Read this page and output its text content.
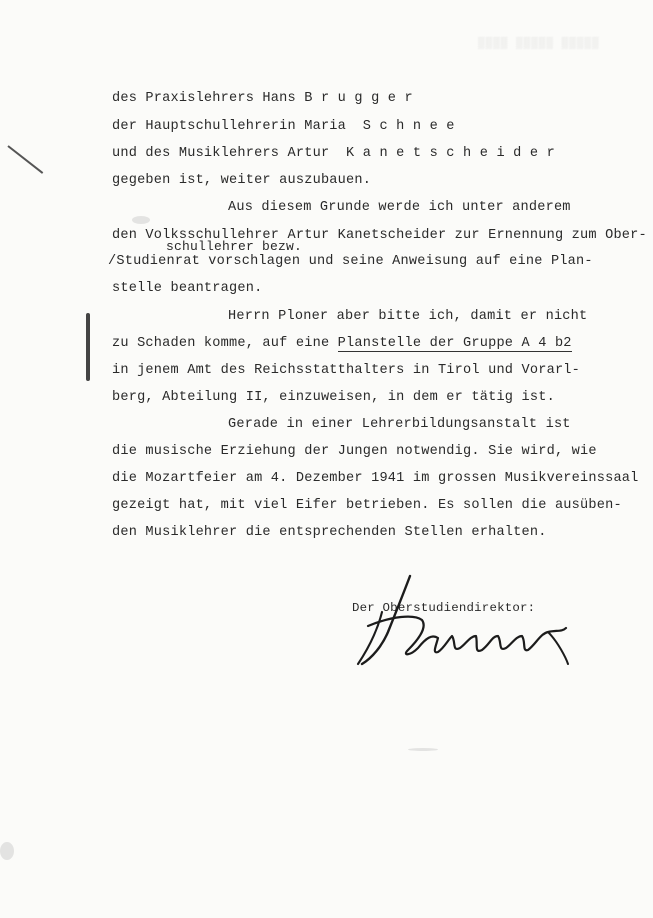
▒▒▒▒ ▒▒▒▒▒ ▒▒▒▒▒
des Praxislehrers Hans B r u g g e r
der Hauptschullehrerin Maria  S c h n e e
und des Musiklehrers Artur  K a n e t s c h e i d e r
gegeben ist, weiter auszubauen.
Aus diesem Grunde werde ich unter anderem
den Volksschullehrer Artur Kanetscheider zur Ernennung zum Ober-
schullehrer bezw.
/Studienrat vorschlagen und seine Anweisung auf eine Plan-
stelle beantragen.
Herrn Ploner aber bitte ich, damit er nicht
zu Schaden komme, auf eine Planstelle der Gruppe A 4 b2
in jenem Amt des Reichsstatthalters in Tirol und Vorarl-
berg, Abteilung II, einzuweisen, in dem er tätig ist.
Gerade in einer Lehrerbildungsanstalt ist
die musische Erziehung der Jungen notwendig. Sie wird, wie
die Mozartfeier am 4. Dezember 1941 im grossen Musikvereinssaal
gezeigt hat, mit viel Eifer betrieben. Es sollen die ausüben-
den Musiklehrer die entsprechenden Stellen erhalten.
Der Oberstudiendirektor:
